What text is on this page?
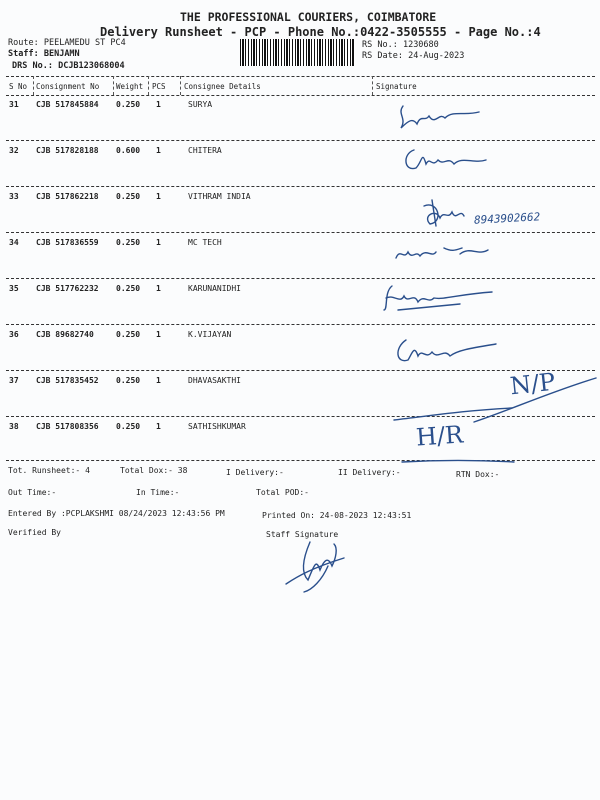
THE PROFESSIONAL COURIERS, COIMBATORE
Delivery Runsheet - PCP - Phone No.:0422-3505555 - Page No.:4
Route: PEELAMEDU ST PC4
Staff: BENJAMN
DRS No.: DCJB123068004
RS No.: 1230680
RS Date: 24-Aug-2023
S No Consignment No Weight PCS Consignee Details	Signature
31 CJB 517845884 0.250 1	SURYA
32 CJB 517828188 0.600 1	CHITERA
33 CJB 517862218 0.250 1	VITHRAM INDIA
34 CJB 517836559 0.250 1	MC TECH
35 CJB 517762232 0.250 1	KARUNANIDHI
36 CJB 89682740	0.250 1	K.VIJAYAN
37 CJB 517835452 0.250 1	DHAVASAKTHI
38 CJB 517808356 0.250 1	SATHISHKUMAR
8943902662
N/P
H/R
Tot. Runsheet:- 4	Total Dox:- 38	I Delivery:-	II Delivery:-	RTN Dox:-
Out Time:-	In Time:-	Total POD:-
Entered By :PCPLAKSHMI 08/24/2023 12:43:56 PM	Printed On: 24-08-2023 12:43:51
Verified By	Staff Signature
